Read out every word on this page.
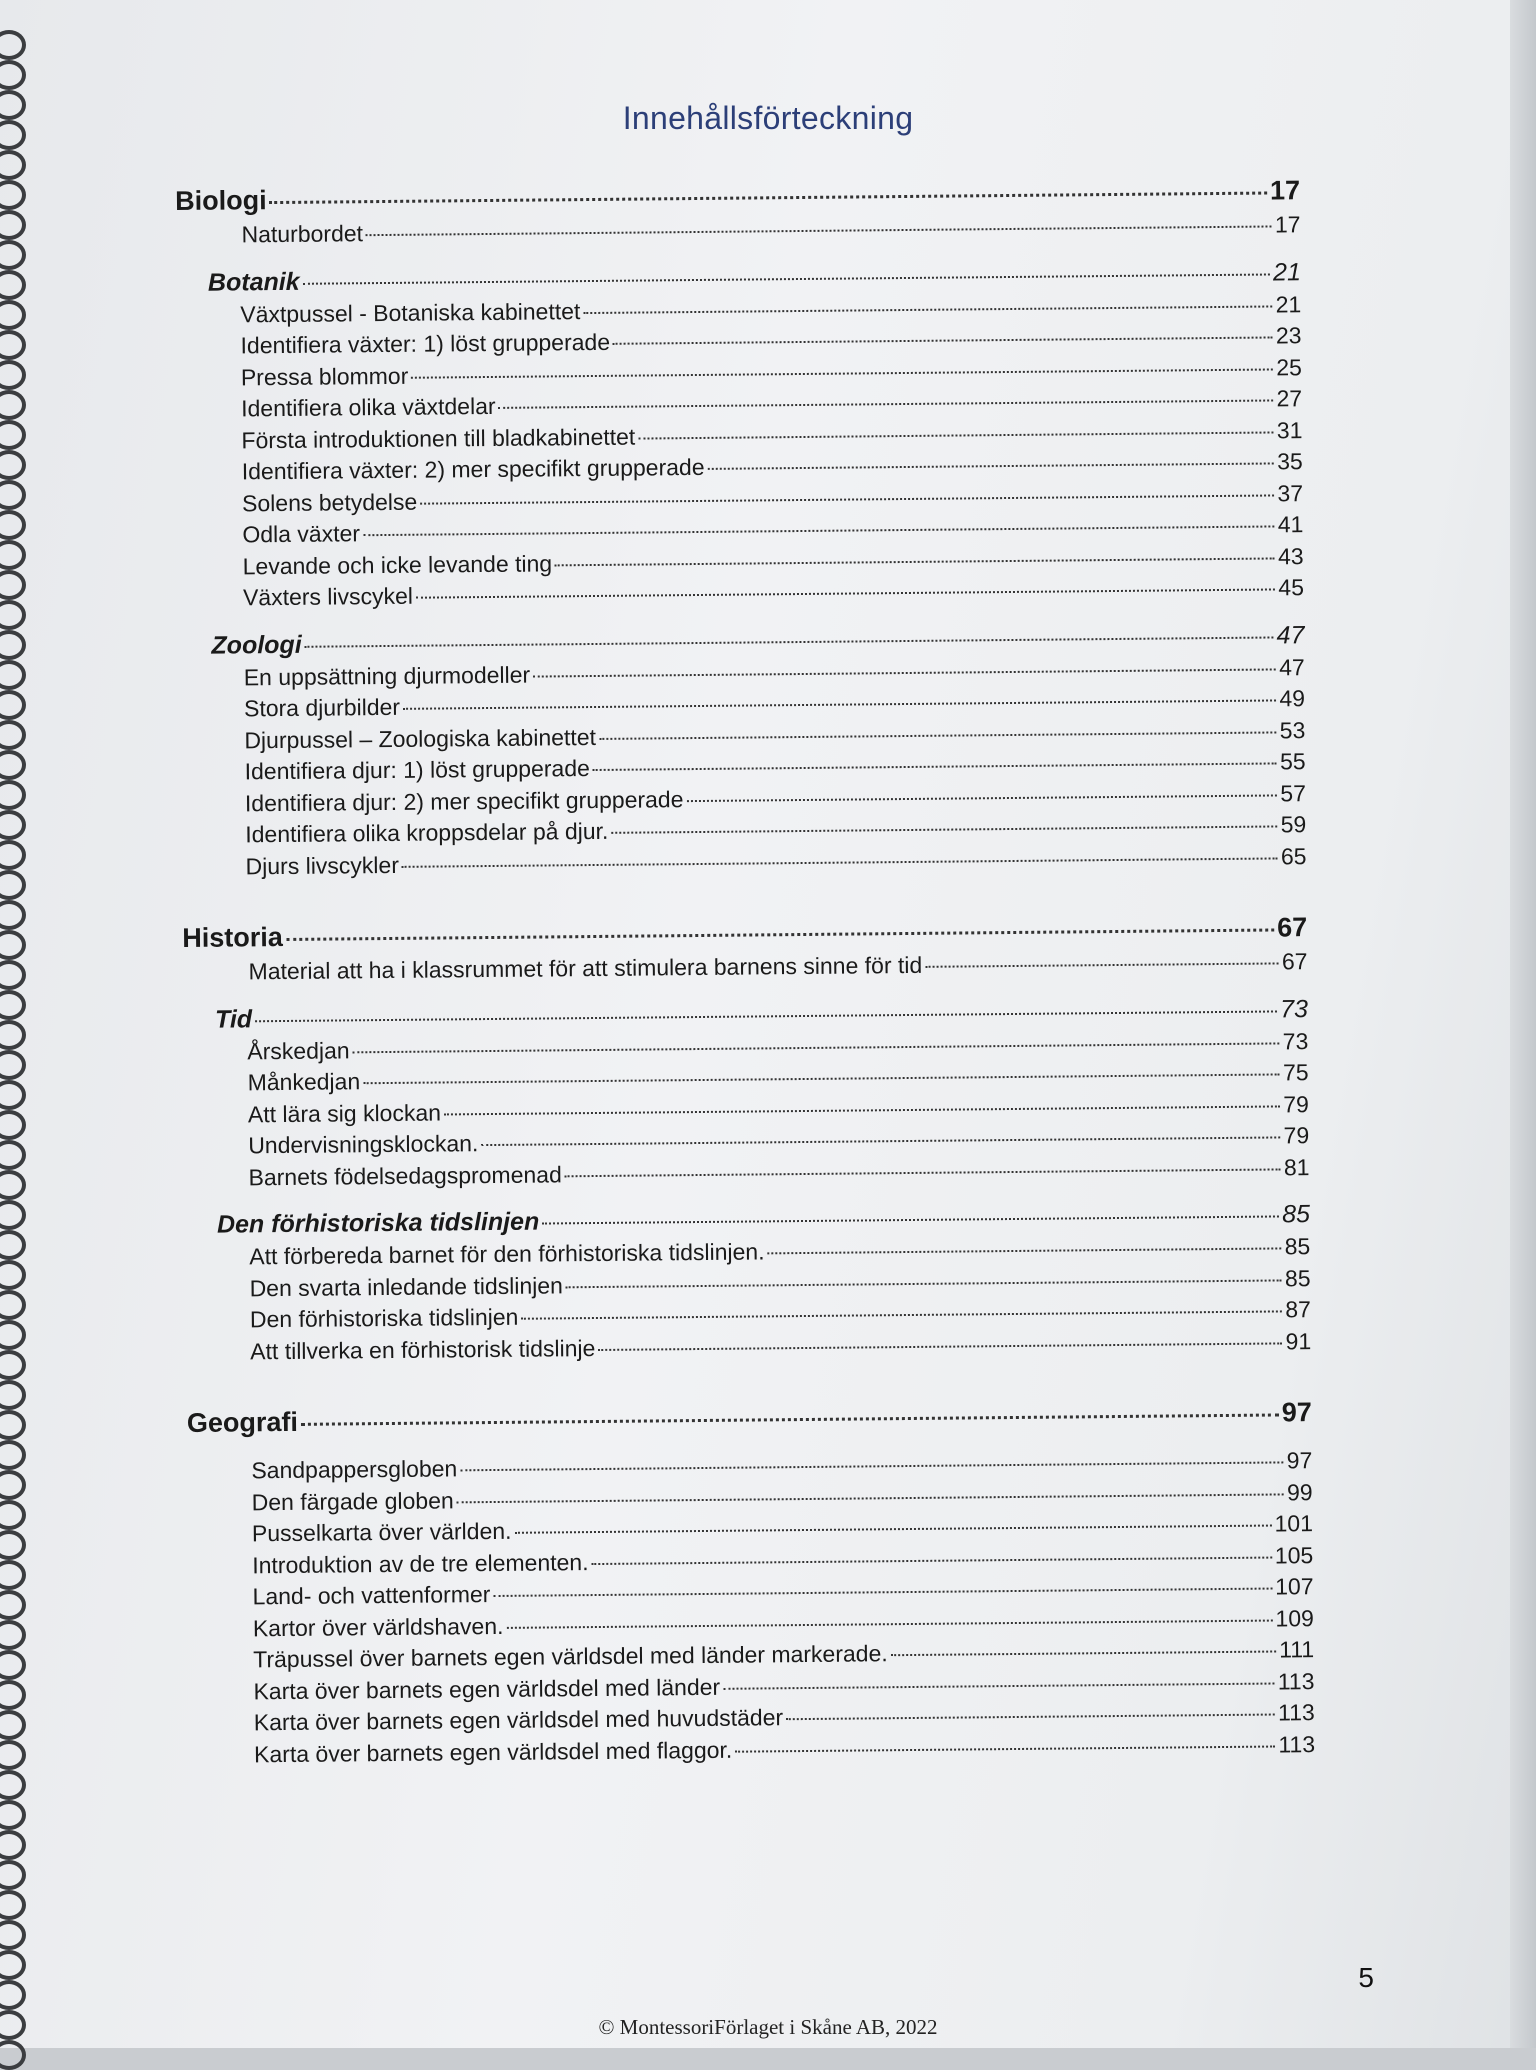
Innehållsförteckning
Biologi	17
Naturbordet	17
Botanik	21
Växtpussel - Botaniska kabinettet	21
Identifiera växter: 1) löst grupperade	23
Pressa blommor	25
Identifiera olika växtdelar	27
Första introduktionen till bladkabinettet	31
Identifiera växter: 2) mer specifikt grupperade	35
Solens betydelse	37
Odla växter	41
Levande och icke levande ting	43
Växters livscykel	45
Zoologi	47
En uppsättning djurmodeller	47
Stora djurbilder	49
Djurpussel – Zoologiska kabinettet	53
Identifiera djur: 1) löst grupperade	55
Identifiera djur: 2) mer specifikt grupperade	57
Identifiera olika kroppsdelar på djur.	59
Djurs livscykler	65
Historia	67
Material att ha i klassrummet för att stimulera barnens sinne för tid	67
Tid	73
Årskedjan	73
Månkedjan	75
Att lära sig klockan	79
Undervisningsklockan.	79
Barnets födelsedagspromenad	81
Den förhistoriska tidslinjen	85
Att förbereda barnet för den förhistoriska tidslinjen.	85
Den svarta inledande tidslinjen	85
Den förhistoriska tidslinjen	87
Att tillverka en förhistorisk tidslinje	91
Geografi	97
Sandpappersgloben	97
Den färgade globen	99
Pusselkarta över världen.	101
Introduktion av de tre elementen.	105
Land- och vattenformer	107
Kartor över världshaven.	109
Träpussel över barnets egen världsdel med länder markerade.	111
Karta över barnets egen världsdel med länder	113
Karta över barnets egen världsdel med huvudstäder	113
Karta över barnets egen världsdel med flaggor.	113
5
© MontessoriFörlaget i Skåne AB, 2022
